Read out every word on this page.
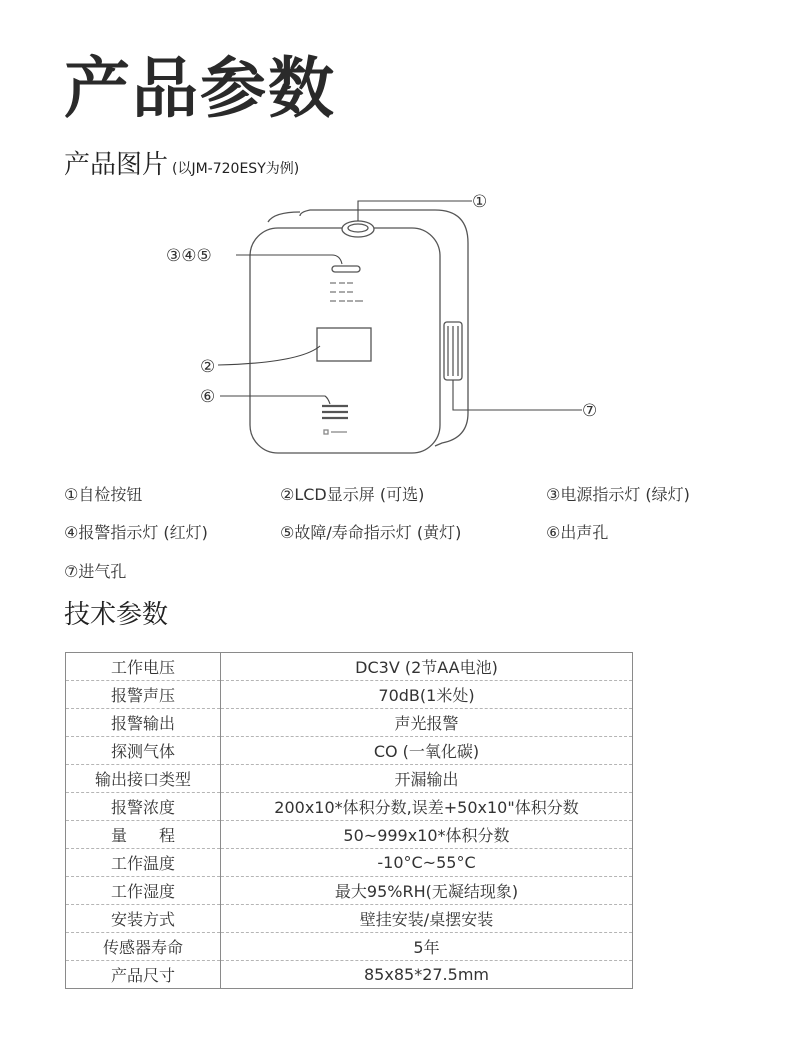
产品参数
产品图片 (以JM-720ESY为例)
①
③④⑤
②
⑥
⑦
①自检按钮	②LCD显示屏 (可选)	③电源指示灯 (绿灯)
④报警指示灯 (红灯)	⑤故障/寿命指示灯 (黄灯)	⑥出声孔
⑦进气孔
技术参数
工作电压	DC3V (2节AA电池)
报警声压	70dB(1米处)
报警输出	声光报警
探测气体	CO (一氧化碳)
输出接口类型	开漏输出
报警浓度	200x10*体积分数,误差+50x10"体积分数
量　　程	50~999x10*体积分数
工作温度	-10°C~55°C
工作湿度	最大95%RH(无凝结现象)
安装方式	壁挂安装/桌摆安装
传感器寿命	5年
产品尺寸	85x85*27.5mm
